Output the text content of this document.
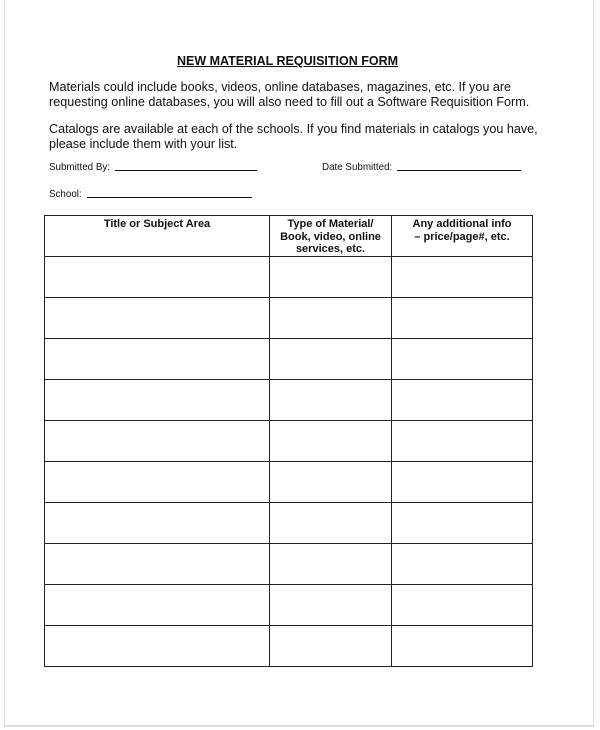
NEW MATERIAL REQUISITION FORM
Materials could include books, videos, online databases, magazines, etc. If you are requesting online databases, you will also need to fill out a Software Requisition Form.
Catalogs are available at each of the schools. If you find materials in catalogs you have, please include them with your list.
Submitted By:	Date Submitted:
School:
Title or Subject Area	Type of Material/ Book, video, online services, etc.	Any additional info – price/page#, etc.
